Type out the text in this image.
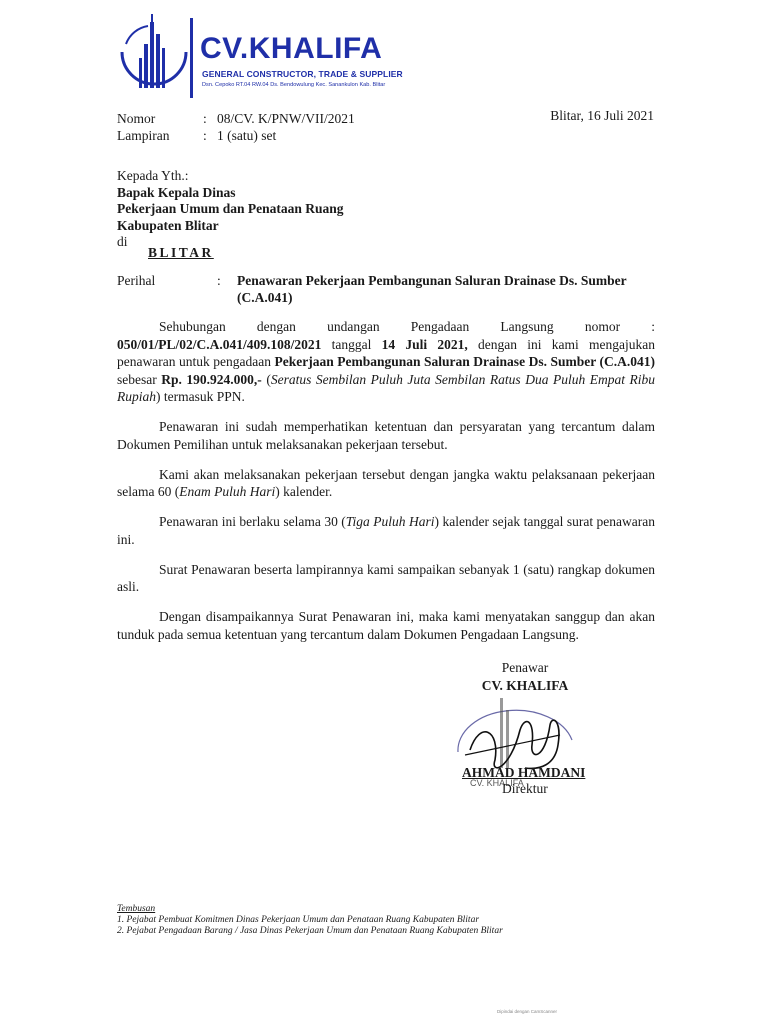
CV.KHALIFA
GENERAL CONSTRUCTOR, TRADE & SUPPLIER
Dsn. Cepoko RT.04 RW.04 Ds. Bendowulung Kec. Sanankulon Kab. Blitar
Nomor	: 08/CV. K/PNW/VII/2021
Lampiran	: 1 (satu) set
Blitar, 16 Juli 2021
Kepada Yth.:
Bapak Kepala Dinas
Pekerjaan Umum dan Penataan Ruang
Kabupaten Blitar
di
BLITAR
Perihal	:	Penawaran Pekerjaan Pembangunan Saluran Drainase Ds. Sumber (C.A.041)

Sehubungan dengan undangan Pengadaan Langsung nomor : 050/01/PL/02/C.A.041/409.108/2021 tanggal 14 Juli 2021, dengan ini kami mengajukan penawaran untuk pengadaan Pekerjaan Pembangunan Saluran Drainase Ds. Sumber (C.A.041) sebesar Rp. 190.924.000,- (Seratus Sembilan Puluh Juta Sembilan Ratus Dua Puluh Empat Ribu Rupiah) termasuk PPN.

Penawaran ini sudah memperhatikan ketentuan dan persyaratan yang tercantum dalam Dokumen Pemilihan untuk melaksanakan pekerjaan tersebut.

Kami akan melaksanakan pekerjaan tersebut dengan jangka waktu pelaksanaan pekerjaan selama 60 (Enam Puluh Hari) kalender.

Penawaran ini berlaku selama 30 (Tiga Puluh Hari) kalender sejak tanggal surat penawaran ini.

Surat Penawaran beserta lampirannya kami sampaikan sebanyak 1 (satu) rangkap dokumen asli.

Dengan disampaikannya Surat Penawaran ini, maka kami menyatakan sanggup dan akan tunduk pada semua ketentuan yang tercantum dalam Dokumen Pengadaan Langsung.

Penawar
CV. KHALIFA
AHMAD HAMDANI
CV. KHALIFA
Direktur
Tembusan
1. Pejabat Pembuat Komitmen Dinas Pekerjaan Umum dan Penataan Ruang Kabupaten Blitar
2. Pejabat Pengadaan Barang / Jasa Dinas Pekerjaan Umum dan Penataan Ruang Kabupaten Blitar
Dipindai dengan CamScanner
